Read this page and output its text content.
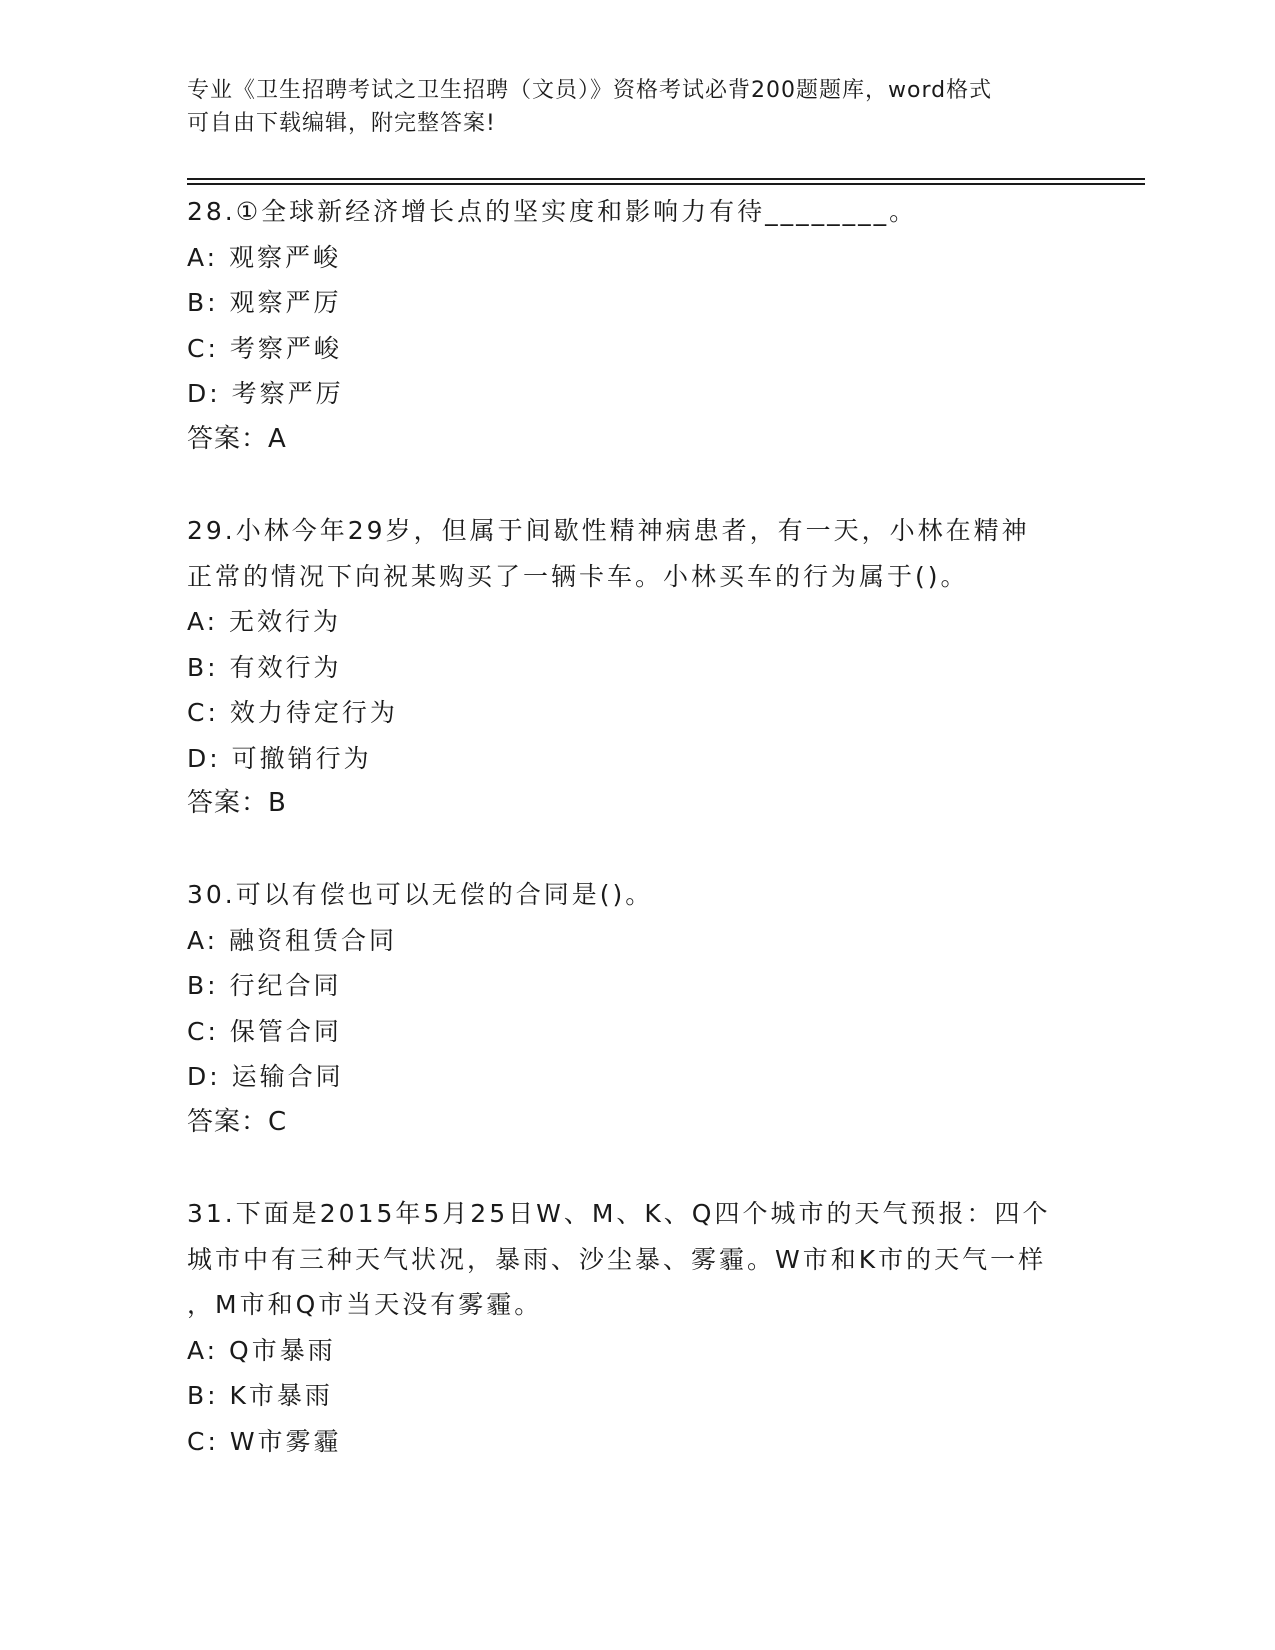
专业《卫生招聘考试之卫生招聘（文员）》资格考试必背200题题库，word格式
可自由下载编辑，附完整答案!
28.①全球新经济增长点的坚实度和影响力有待________。
A: 观察严峻
B: 观察严厉
C: 考察严峻
D: 考察严厉
答案：A
29.小林今年29岁，但属于间歇性精神病患者，有一天，小林在精神
正常的情况下向祝某购买了一辆卡车。小林买车的行为属于()。
A: 无效行为
B: 有效行为
C: 效力待定行为
D: 可撤销行为
答案：B
30.可以有偿也可以无偿的合同是()。
A: 融资租赁合同
B: 行纪合同
C: 保管合同
D: 运输合同
答案：C
31.下面是2015年5月25日W、M、K、Q四个城市的天气预报：四个
城市中有三种天气状况，暴雨、沙尘暴、雾霾。W市和K市的天气一样
，M市和Q市当天没有雾霾。
A: Q市暴雨
B: K市暴雨
C: W市雾霾
